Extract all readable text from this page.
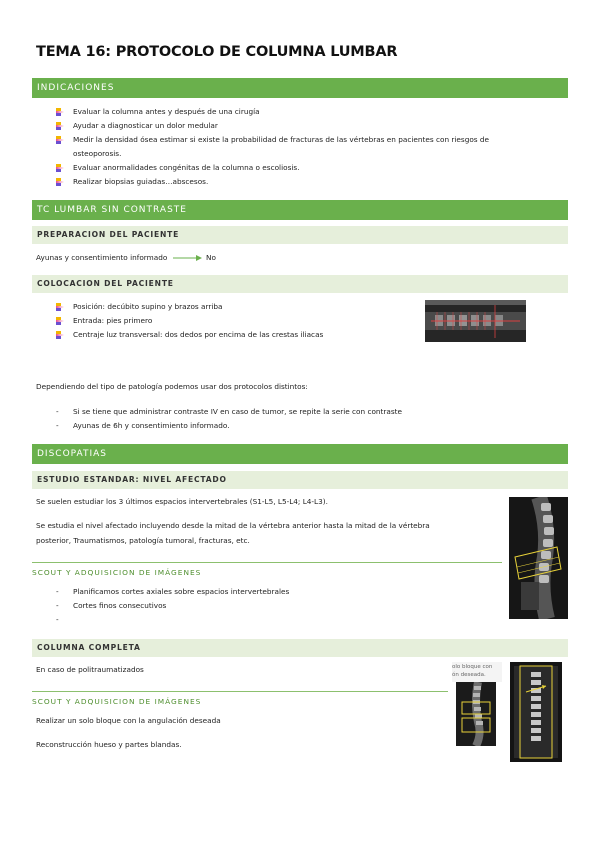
TEMA 16: PROTOCOLO DE COLUMNA LUMBAR
INDICACIONES
Evaluar la columna antes y después de una cirugía
Ayudar a diagnosticar un dolor medular
Medir la densidad ósea estimar si existe la probabilidad de fracturas de las vértebras en pacientes con riesgos de
osteoporosis.
Evaluar anormalidades congénitas de la columna o escoliosis.
Realizar biopsias guiadas…abscesos.
TC LUMBAR SIN CONTRASTE
PREPARACION DEL PACIENTE
Ayunas y consentimiento informado	No
COLOCACION DEL PACIENTE
Posición: decúbito supino y brazos arriba
Entrada: pies primero
Centraje luz transversal: dos dedos por encima de las crestas iliacas
Dependiendo del tipo de patología podemos usar dos protocolos distintos:
- Si se tiene que administrar contraste IV en caso de tumor, se repite la serie con contraste
- Ayunas de 6h y consentimiento informado.
DISCOPATIAS
ESTUDIO ESTANDAR: NIVEL AFECTADO
Se suelen estudiar los 3 últimos espacios intervertebrales (S1-L5, L5-L4; L4-L3).
Se estudia el nivel afectado incluyendo desde la mitad de la vértebra anterior hasta la mitad de la vértebra
posterior, Traumatismos, patología tumoral, fracturas, etc.
SCOUT Y ADQUISICION DE IMÁGENES
- Planificamos cortes axiales sobre espacios intervertebrales
- Cortes finos consecutivos
COLUMNA COMPLETA
En caso de politraumatizados
SCOUT Y ADQUISICION DE IMÁGENES
Realizar un solo bloque con la angulación deseada
Reconstrucción hueso y partes blandas.
olo bloque con
ón deseada.
